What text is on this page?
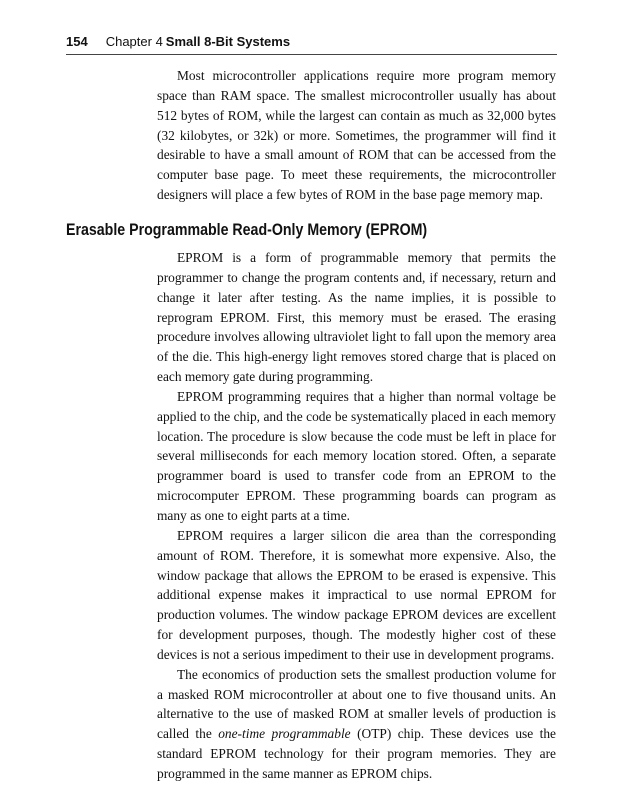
154 Chapter 4 Small 8-Bit Systems

Most microcontroller applications require more program memory space than RAM space. The smallest microcontroller usually has about 512 bytes of ROM, while the largest can contain as much as 32,000 bytes (32 kilobytes, or 32k) or more. Sometimes, the programmer will find it desirable to have a small amount of ROM that can be accessed from the computer base page. To meet these requirements, the microcontroller designers will place a few bytes of ROM in the base page memory map.

Erasable Programmable Read-Only Memory (EPROM)

EPROM is a form of programmable memory that permits the programmer to change the program contents and, if necessary, return and change it later after testing. As the name implies, it is possible to reprogram EPROM. First, this memory must be erased. The erasing procedure involves allowing ultraviolet light to fall upon the memory area of the die. This high-energy light removes stored charge that is placed on each memory gate during programming.

EPROM programming requires that a higher than normal voltage be applied to the chip, and the code be systematically placed in each memory location. The procedure is slow because the code must be left in place for several milliseconds for each memory location stored. Often, a separate programmer board is used to transfer code from an EPROM to the microcomputer EPROM. These programming boards can program as many as one to eight parts at a time.

EPROM requires a larger silicon die area than the corresponding amount of ROM. Therefore, it is somewhat more expensive. Also, the window package that allows the EPROM to be erased is expensive. This additional expense makes it impractical to use normal EPROM for production volumes. The window package EPROM devices are excellent for development purposes, though. The modestly higher cost of these devices is not a serious impediment to their use in development programs.

The economics of production sets the smallest production volume for a masked ROM microcontroller at about one to five thousand units. An alternative to the use of masked ROM at smaller levels of production is called the one-time programmable (OTP) chip. These devices use the standard EPROM technology for their program memories. They are programmed in the same manner as EPROM chips.
